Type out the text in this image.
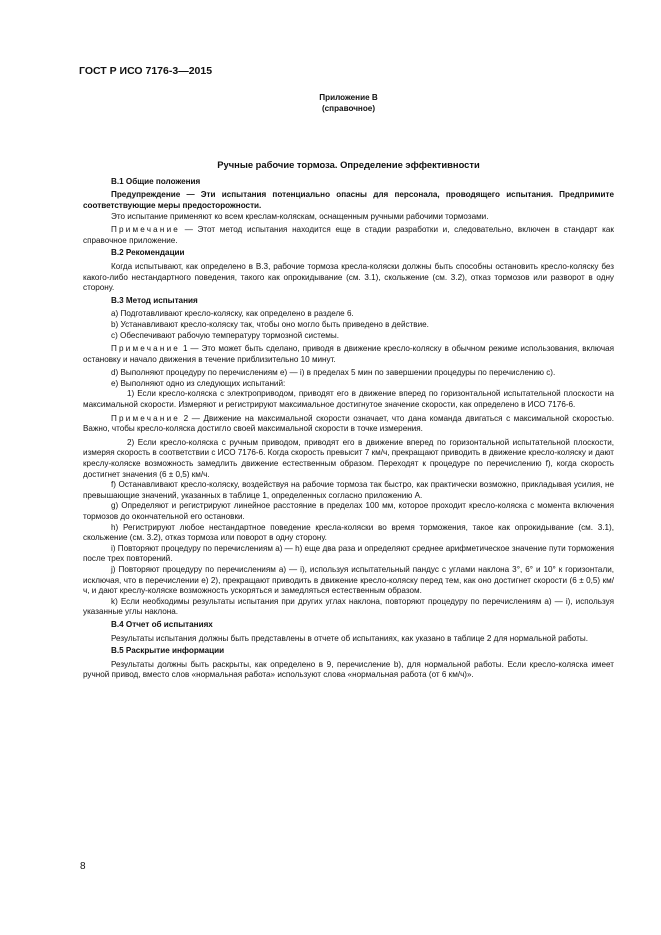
ГОСТ Р ИСО 7176-3—2015
Приложение В
(справочное)
Ручные рабочие тормоза. Определение эффективности
В.1 Общие положения

Предупреждение — Эти испытания потенциально опасны для персонала, проводящего испытания. Предпримите соответствующие меры предосторожности.

Это испытание применяют ко всем креслам-коляскам, оснащенным ручными рабочими тормозами.

Примечание — Этот метод испытания находится еще в стадии разработки и, следовательно, включен в стандарт как справочное приложение.

В.2 Рекомендации

Когда испытывают, как определено в В.3, рабочие тормоза кресла-коляски должны быть способны остановить кресло-коляску без какого-либо нестандартного поведения, такого как опрокидывание (см. 3.1), скольжение (см. 3.2), отказ тормозов или разворот в одну сторону.

В.3 Метод испытания

а) Подготавливают кресло-коляску, как определено в разделе 6.

b) Устанавливают кресло-коляску так, чтобы оно могло быть приведено в действие.

c) Обеспечивают рабочую температуру тормозной системы.

Примечание 1 — Это может быть сделано, приводя в движение кресло-коляску в обычном режиме использования, включая остановку и начало движения в течение приблизительно 10 минут.

d) Выполняют процедуру по перечислениям е) — i) в пределах 5 мин по завершении процедуры по перечислению с).

е) Выполняют одно из следующих испытаний:

1) Если кресло-коляска с электроприводом, приводят его в движение вперед по горизонтальной испытательной плоскости на максимальной скорости. Измеряют и регистрируют максимальное достигнутое значение скорости, как определено в ИСО 7176-6.

Примечание 2 — Движение на максимальной скорости означает, что дана команда двигаться с максимальной скоростью. Важно, чтобы кресло-коляска достигло своей максимальной скорости в точке измерения.

2) Если кресло-коляска с ручным приводом, приводят его в движение вперед по горизонтальной испытательной плоскости, измеряя скорость в соответствии с ИСО 7176-6. Когда скорость превысит 7 км/ч, прекращают приводить в движение кресло-коляску и дают креслу-коляске возможность замедлить движение естественным образом. Переходят к процедуре по перечислению f), когда скорость достигнет значения (6 ± 0,5) км/ч.

f) Останавливают кресло-коляску, воздействуя на рабочие тормоза так быстро, как практически возможно, прикладывая усилия, не превышающие значений, указанных в таблице 1, определенных согласно приложению А.

g) Определяют и регистрируют линейное расстояние в пределах 100 мм, которое проходит кресло-коляска с момента включения тормозов до окончательной его остановки.

h) Регистрируют любое нестандартное поведение кресла-коляски во время торможения, такое как опрокидывание (см. 3.1), скольжение (см. 3.2), отказ тормоза или поворот в одну сторону.

i) Повторяют процедуру по перечислениям а) — h) еще два раза и определяют среднее арифметическое значение пути торможения после трех повторений.

j) Повторяют процедуру по перечислениям а) — i), используя испытательный пандус с углами наклона 3°, 6° и 10° к горизонтали, исключая, что в перечислении е) 2), прекращают приводить в движение кресло-коляску перед тем, как оно достигнет скорости (6 ± 0,5) км/ч, и дают креслу-коляске возможность ускоряться и замедляться естественным образом.

k) Если необходимы результаты испытания при других углах наклона, повторяют процедуру по перечислениям а) — i), используя указанные углы наклона.

В.4 Отчет об испытаниях

Результаты испытания должны быть представлены в отчете об испытаниях, как указано в таблице 2 для нормальной работы.

В.5 Раскрытие информации

Результаты должны быть раскрыты, как определено в 9, перечисление b), для нормальной работы. Если кресло-коляска имеет ручной привод, вместо слов «нормальная работа» используют слова «нормальная работа (от 6 км/ч)».

8
